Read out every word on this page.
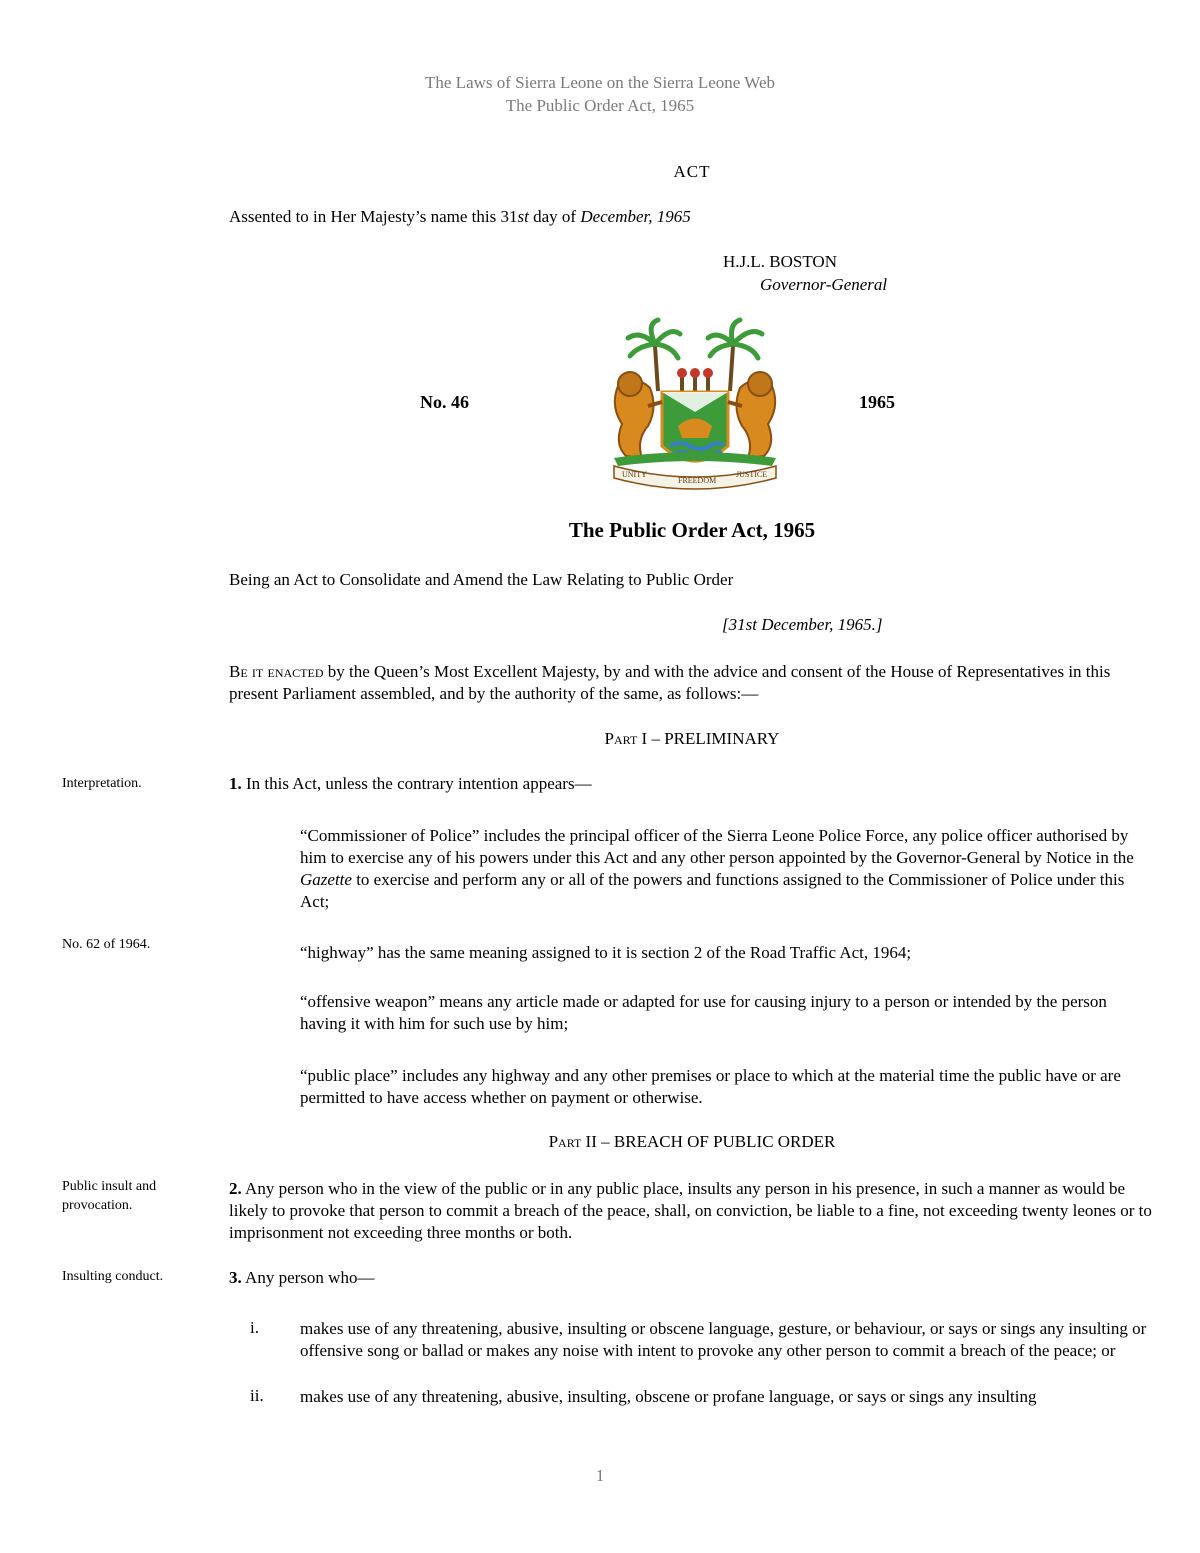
The Laws of Sierra Leone on the Sierra Leone Web
The Public Order Act, 1965
ACT
Assented to in Her Majesty’s name this 31st day of December, 1965
H.J.L. BOSTON
Governor-General
No. 46	1965
UNITY
FREEDOM
JUSTICE
The Public Order Act, 1965
Being an Act to Consolidate and Amend the Law Relating to Public Order
[31st December, 1965.]
Be it enacted by the Queen’s Most Excellent Majesty, by and with the advice and consent of the House of Representatives in this present Parliament assembled, and by the authority of the same, as follows:—
Part I – PRELIMINARY
Interpretation.	1. In this Act, unless the contrary intention appears—
“Commissioner of Police” includes the principal officer of the Sierra Leone Police Force, any police officer authorised by him to exercise any of his powers under this Act and any other person appointed by the Governor-General by Notice in the Gazette to exercise and perform any or all of the powers and functions assigned to the Commissioner of Police under this Act;
No. 62 of 1964.	“highway” has the same meaning assigned to it is section 2 of the Road Traffic Act, 1964;
“offensive weapon” means any article made or adapted for use for causing injury to a person or intended by the person having it with him for such use by him;
“public place” includes any highway and any other premises or place to which at the material time the public have or are permitted to have access whether on payment or otherwise.
Part II – BREACH OF PUBLIC ORDER
Public insult and provocation.
2. Any person who in the view of the public or in any public place, insults any person in his presence, in such a manner as would be likely to provoke that person to commit a breach of the peace, shall, on conviction, be liable to a fine, not exceeding twenty leones or to imprisonment not exceeding three months or both.
Insulting conduct.	3. Any person who—
i.	makes use of any threatening, abusive, insulting or obscene language, gesture, or behaviour, or says or sings any insulting or offensive song or ballad or makes any noise with intent to provoke any other person to commit a breach of the peace; or
ii.	makes use of any threatening, abusive, insulting, obscene or profane language, or says or sings any insulting
1
